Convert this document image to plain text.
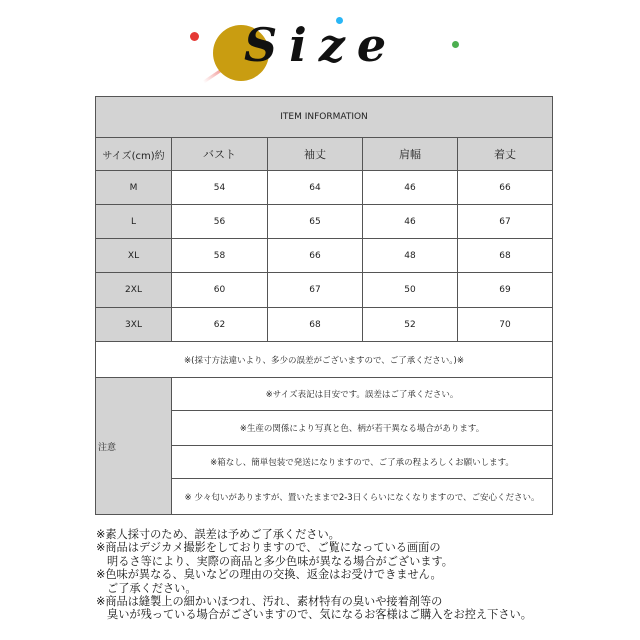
Size
ITEM INFORMATION				
サイズ(cm)約	バスト	袖丈	肩幅	着丈
M	54	64	46	66
L	56	65	46	67
XL	58	66	48	68
2XL	60	67	50	69
3XL	62	68	52	70
※(採寸方法違いより、多少の誤差がございますので、ご了承ください。)※				
注意	※サイズ表記は目安です。誤差はご了承ください。			
	※生産の関係により写真と色、柄が若干異なる場合があります。			
	※箱なし、簡単包装で発送になりますので、ご了承の程よろしくお願いします。			
	※ 少々匂いがありますが、置いたままで2-3日くらいになくなりますので、ご安心ください。			
※素人採寸のため、誤差は予めご了承ください。
※商品はデジカメ撮影をしておりますので、ご覧になっている画面の
明るさ等により、実際の商品と多少色味が異なる場合がございます。
※色味が異なる、臭いなどの理由の交換、返金はお受けできません。
ご了承ください。
※商品は縫製上の細かいほつれ、汚れ、素材特有の臭いや接着剤等の
臭いが残っている場合がございますので、気になるお客様はご購入をお控え下さい。
